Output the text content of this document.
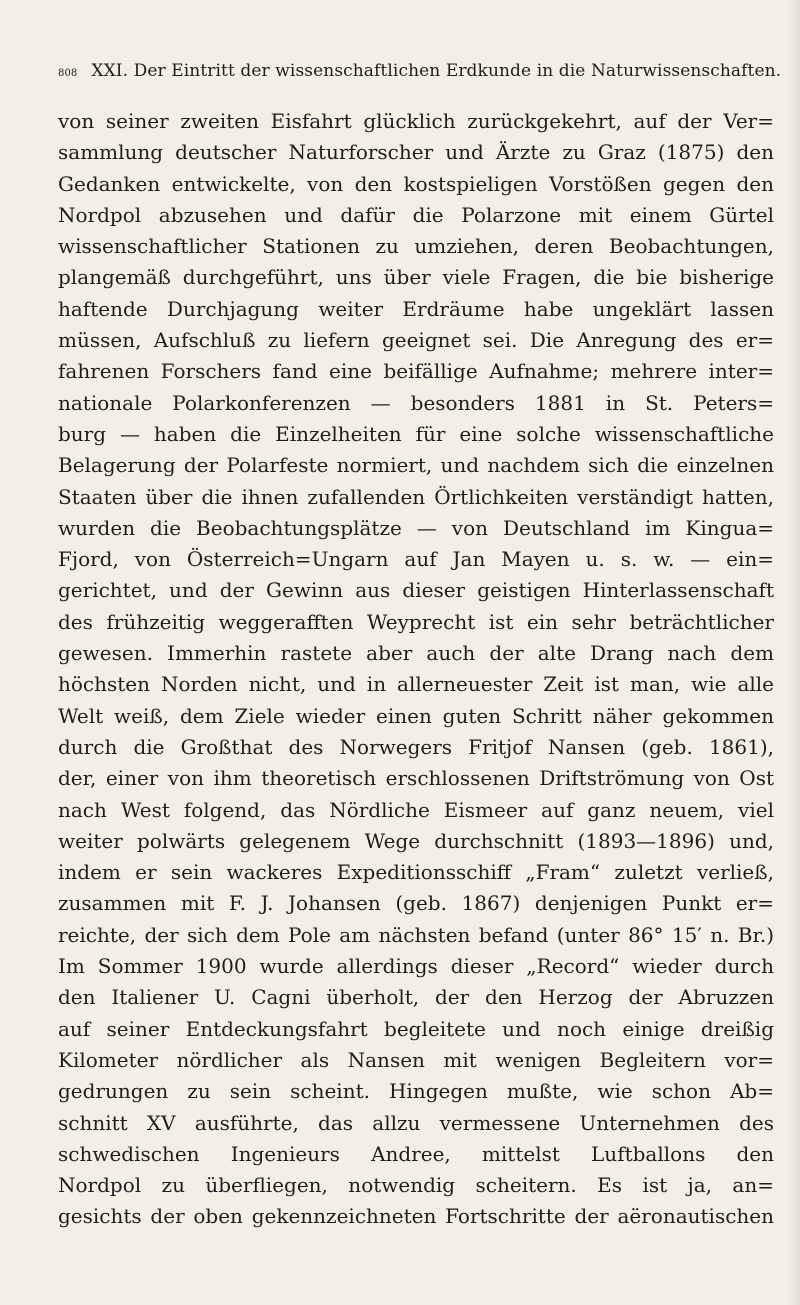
808 XXI. Der Eintritt der wissenschaftlichen Erdkunde in die Naturwissenschaften.
von seiner zweiten Eisfahrt glücklich zurückgekehrt, auf der Ver=
sammlung deutscher Naturforscher und Ärzte zu Graz (1875) den
Gedanken entwickelte, von den kostspieligen Vorstößen gegen den
Nordpol abzusehen und dafür die Polarzone mit einem Gürtel
wissenschaftlicher Stationen zu umziehen, deren Beobachtungen,
plangemäß durchgeführt, uns über viele Fragen, die bie bisherige
haftende Durchjagung weiter Erdräume habe ungeklärt lassen
müssen, Aufschluß zu liefern geeignet sei. Die Anregung des er=
fahrenen Forschers fand eine beifällige Aufnahme; mehrere inter=
nationale Polarkonferenzen — besonders 1881 in St. Peters=
burg — haben die Einzelheiten für eine solche wissenschaftliche
Belagerung der Polarfeste normiert, und nachdem sich die einzelnen
Staaten über die ihnen zufallenden Örtlichkeiten verständigt hatten,
wurden die Beobachtungsplätze — von Deutschland im Kingua=
Fjord, von Österreich=Ungarn auf Jan Mayen u. s. w. — ein=
gerichtet, und der Gewinn aus dieser geistigen Hinterlassenschaft
des frühzeitig weggerafften Weyprecht ist ein sehr beträchtlicher
gewesen. Immerhin rastete aber auch der alte Drang nach dem
höchsten Norden nicht, und in allerneuester Zeit ist man, wie alle
Welt weiß, dem Ziele wieder einen guten Schritt näher gekommen
durch die Großthat des Norwegers Fritjof Nansen (geb. 1861),
der, einer von ihm theoretisch erschlossenen Driftströmung von Ost
nach West folgend, das Nördliche Eismeer auf ganz neuem, viel
weiter polwärts gelegenem Wege durchschnitt (1893—1896) und,
indem er sein wackeres Expeditionsschiff „Fram“ zuletzt verließ,
zusammen mit F. J. Johansen (geb. 1867) denjenigen Punkt er=
reichte, der sich dem Pole am nächsten befand (unter 86° 15′ n. Br.)
Im Sommer 1900 wurde allerdings dieser „Record“ wieder durch
den Italiener U. Cagni überholt, der den Herzog der Abruzzen
auf seiner Entdeckungsfahrt begleitete und noch einige dreißig
Kilometer nördlicher als Nansen mit wenigen Begleitern vor=
gedrungen zu sein scheint. Hingegen mußte, wie schon Ab=
schnitt XV ausführte, das allzu vermessene Unternehmen des
schwedischen Ingenieurs Andree, mittelst Luftballons den
Nordpol zu überfliegen, notwendig scheitern. Es ist ja, an=
gesichts der oben gekennzeichneten Fortschritte der aëronautischen
